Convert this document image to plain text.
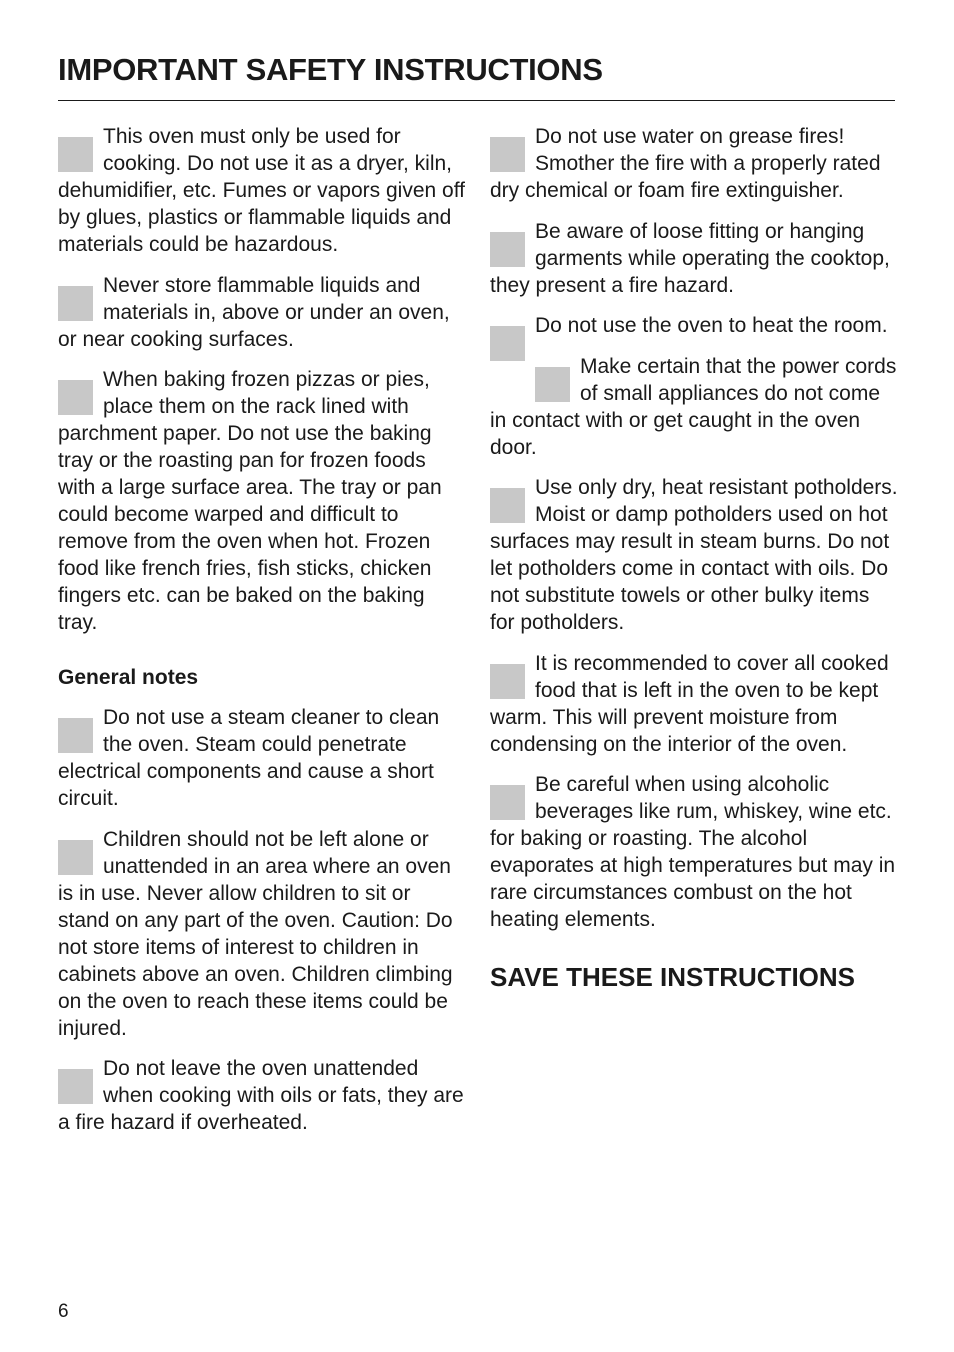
IMPORTANT SAFETY INSTRUCTIONS
This oven must only be used for cooking. Do not use it as a dryer, kiln, dehumidifier, etc. Fumes or vapors given off by glues, plastics or flammable liquids and materials could be hazardous.
Never store flammable liquids and materials in, above or under an oven, or near cooking surfaces.
When baking frozen pizzas or pies, place them on the rack lined with parchment paper. Do not use the baking tray or the roasting pan for frozen foods with a large surface area. The tray or pan could become warped and difficult to remove from the oven when hot. Frozen food like french fries, fish sticks, chicken fingers etc. can be baked on the baking tray.
General notes
Do not use a steam cleaner to clean the oven. Steam could penetrate electrical components and cause a short circuit.
Children should not be left alone or unattended in an area where an oven is in use. Never allow children to sit or stand on any part of the oven. Caution: Do not store items of interest to children in cabinets above an oven. Children climbing on the oven to reach these items could be injured.
Do not leave the oven unattended when cooking with oils or fats, they are a fire hazard if overheated.
Do not use water on grease fires! Smother the fire with a properly rated dry chemical or foam fire extinguisher.
Be aware of loose fitting or hanging garments while operating the cooktop, they present a fire hazard.
Do not use the oven to heat the room.
Make certain that the power cords of small appliances do not come in contact with or get caught in the oven door.
Use only dry, heat resistant potholders. Moist or damp potholders used on hot surfaces may result in steam burns. Do not let potholders come in contact with oils. Do not substitute towels or other bulky items for potholders.
It is recommended to cover all cooked food that is left in the oven to be kept warm. This will prevent moisture from condensing on the interior of the oven.
Be careful when using alcoholic beverages like rum, whiskey, wine etc. for baking or roasting. The alcohol evaporates at high temperatures but may in rare circumstances combust on the hot heating elements.
SAVE THESE INSTRUCTIONS
6
